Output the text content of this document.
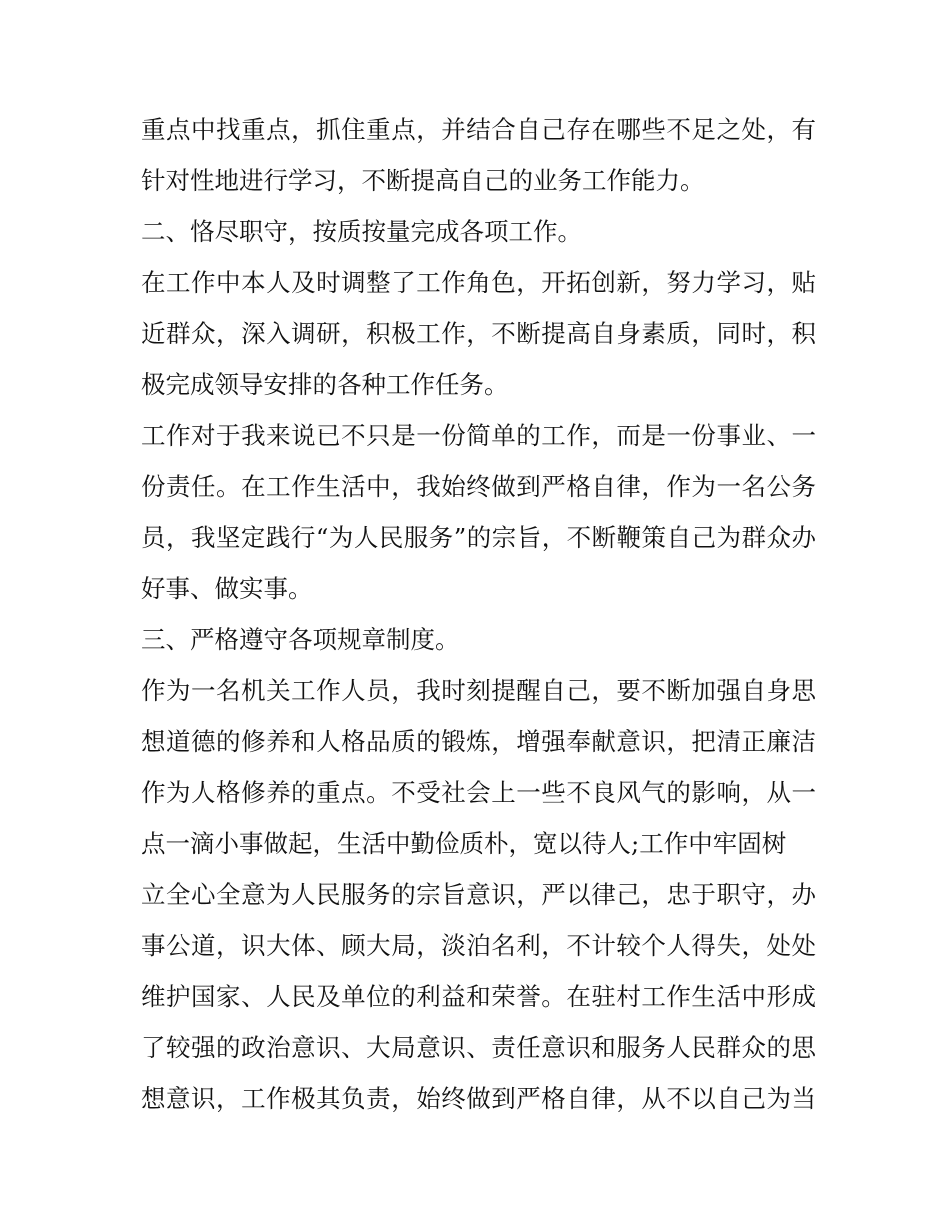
重点中找重点，抓住重点，并结合自己存在哪些不足之处，有
针对性地进行学习，不断提高自己的业务工作能力。
二、恪尽职守，按质按量完成各项工作。
在工作中本人及时调整了工作角色，开拓创新，努力学习，贴
近群众，深入调研，积极工作，不断提高自身素质，同时，积
极完成领导安排的各种工作任务。
工作对于我来说已不只是一份简单的工作，而是一份事业、一
份责任。在工作生活中，我始终做到严格自律，作为一名公务
员，我坚定践行“为人民服务”的宗旨，不断鞭策自己为群众办
好事、做实事。
三、严格遵守各项规章制度。
作为一名机关工作人员，我时刻提醒自己，要不断加强自身思
想道德的修养和人格品质的锻炼，增强奉献意识，把清正廉洁
作为人格修养的重点。不受社会上一些不良风气的影响，从一
点一滴小事做起，生活中勤俭质朴，宽以待人;工作中牢固树
立全心全意为人民服务的宗旨意识，严以律己，忠于职守，办
事公道，识大体、顾大局，淡泊名利，不计较个人得失，处处
维护国家、人民及单位的利益和荣誉。在驻村工作生活中形成
了较强的政治意识、大局意识、责任意识和服务人民群众的思
想意识，工作极其负责，始终做到严格自律，从不以自己为当
